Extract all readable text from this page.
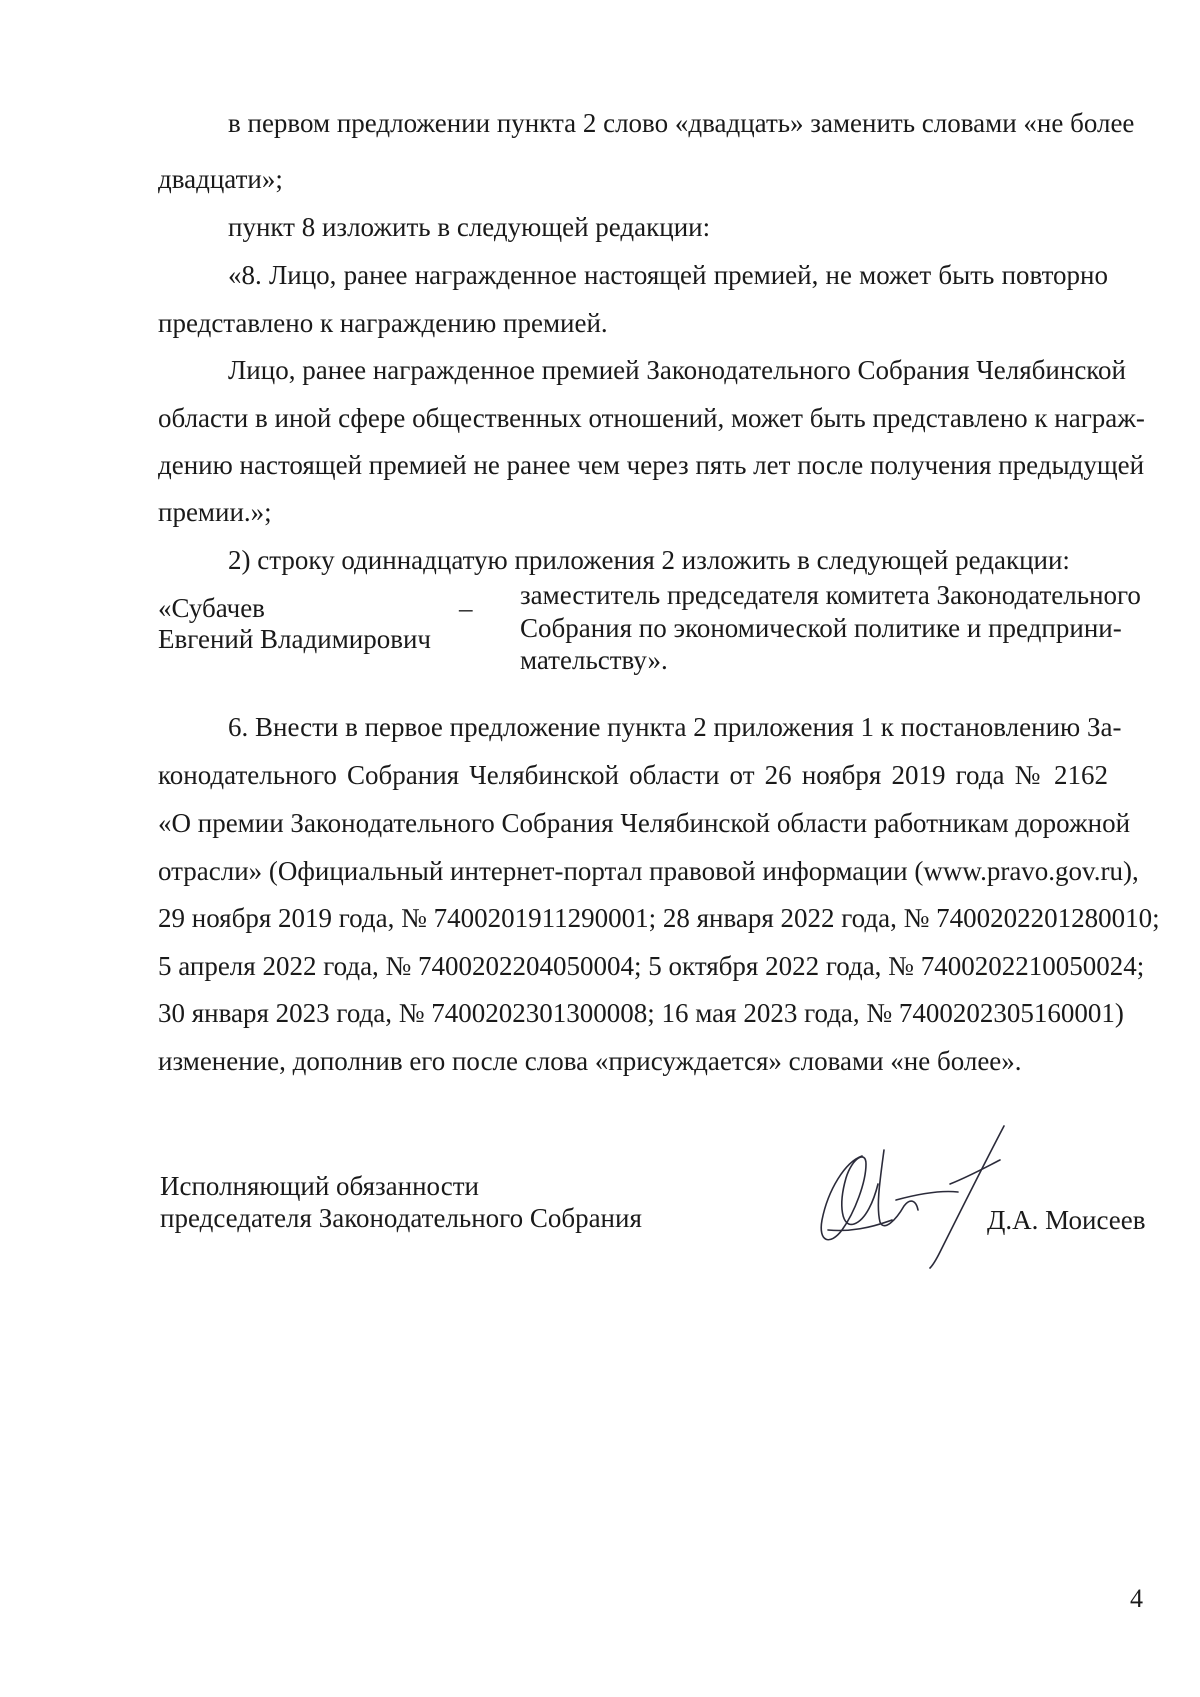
в первом предложении пункта 2 слово «двадцать» заменить словами «не более
двадцати»;
пункт 8 изложить в следующей редакции:
«8. Лицо, ранее награжденное настоящей премией, не может быть повторно
представлено к награждению премией.
Лицо, ранее награжденное премией Законодательного Собрания Челябинской
области в иной сфере общественных отношений, может быть представлено к награж-
дению настоящей премией не ранее чем через пять лет после получения предыдущей
премии.»;
2) строку одиннадцатую приложения 2 изложить в следующей редакции:
«Субачев
Евгений Владимирович
– заместитель председателя комитета Законодательного
Собрания по экономической политике и предприни-
мательству».
6. Внести в первое предложение пункта 2 приложения 1 к постановлению За-
конодательного Собрания Челябинской области от 26 ноября 2019 года № 2162
«О премии Законодательного Собрания Челябинской области работникам дорожной
отрасли» (Официальный интернет-портал правовой информации (www.pravo.gov.ru),
29 ноября 2019 года, № 7400201911290001; 28 января 2022 года, № 7400202201280010;
5 апреля 2022 года, № 7400202204050004; 5 октября 2022 года, № 7400202210050024;
30 января 2023 года, № 7400202301300008; 16 мая 2023 года, № 7400202305160001)
изменение, дополнив его после слова «присуждается» словами «не более».
Исполняющий обязанности
председателя Законодательного Собрания	Д.А. Моисеев
4
